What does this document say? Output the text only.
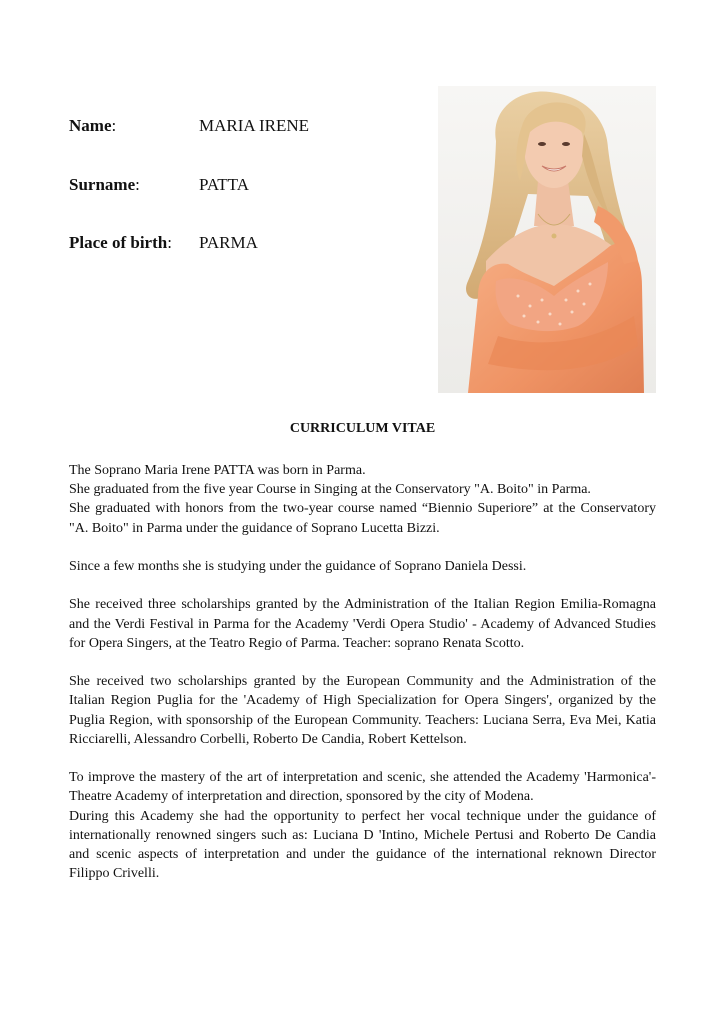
Name:	MARIA IRENE
Surname:	PATTA
Place of birth: PARMA
CURRICULUM VITAE
The Soprano Maria Irene PATTA was born in Parma.
She graduated from the five year Course in Singing at the Conservatory "A. Boito" in Parma.
She graduated with honors from the two-year course named “Biennio Superiore” at the Conservatory "A. Boito" in Parma under the guidance of Soprano Lucetta Bizzi.
Since a few months she is studying under the guidance of Soprano Daniela Dessi.
She received three scholarships granted by the Administration of the Italian Region Emilia-Romagna and the Verdi Festival in Parma for the Academy 'Verdi Opera Studio' - Academy of Advanced Studies for Opera Singers, at the Teatro Regio of Parma. Teacher: soprano Renata Scotto.
She received two scholarships granted by the European Community and the Administration of the Italian Region Puglia for the 'Academy of High Specialization for Opera Singers', organized by the Puglia Region, with sponsorship of the European Community. Teachers: Luciana Serra, Eva Mei, Katia Ricciarelli, Alessandro Corbelli, Roberto De Candia, Robert Kettelson.
To improve the mastery of the art of interpretation and scenic, she attended the Academy 'Harmonica'- Theatre Academy of interpretation and direction, sponsored by the city of Modena.
During this Academy she had the opportunity to perfect her vocal technique under the guidance of internationally renowned singers such as: Luciana D 'Intino, Michele Pertusi and Roberto De Candia and scenic aspects of interpretation and under the guidance of the international reknown Director Filippo Crivelli.
